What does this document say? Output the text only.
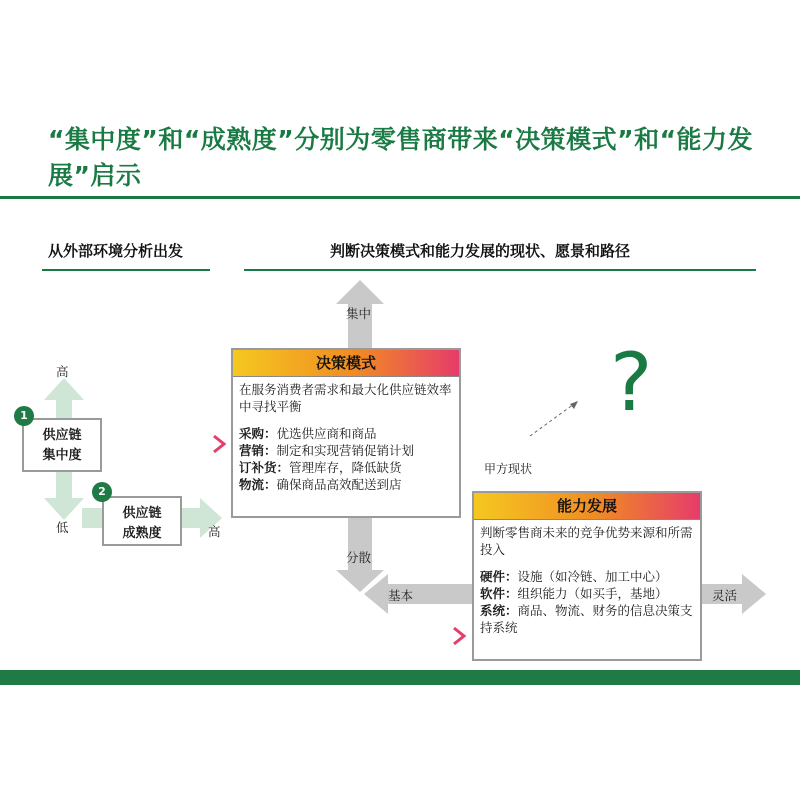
“集中度”和“成熟度”分别为零售商带来“决策模式”和“能力发展”启示
从外部环境分析出发	判断决策模式和能力发展的现状、愿景和路径
集中
分散
基本	灵活
高
低	高
供应链
集中度
1
供应链
成熟度
2
决策模式

在服务消费者需求和最大化供应链效率中寻找平衡

采购：优选供应商和商品

营销：制定和实现营销促销计划

订补货：管理库存，降低缺货

物流：确保商品高效配送到店

甲方现状
?
能力发展

判断零售商未来的竞争优势来源和所需投入

硬件：设施（如冷链、加工中心）

软件：组织能力（如买手，基地）

系统：商品、物流、财务的信息决策支持系统
